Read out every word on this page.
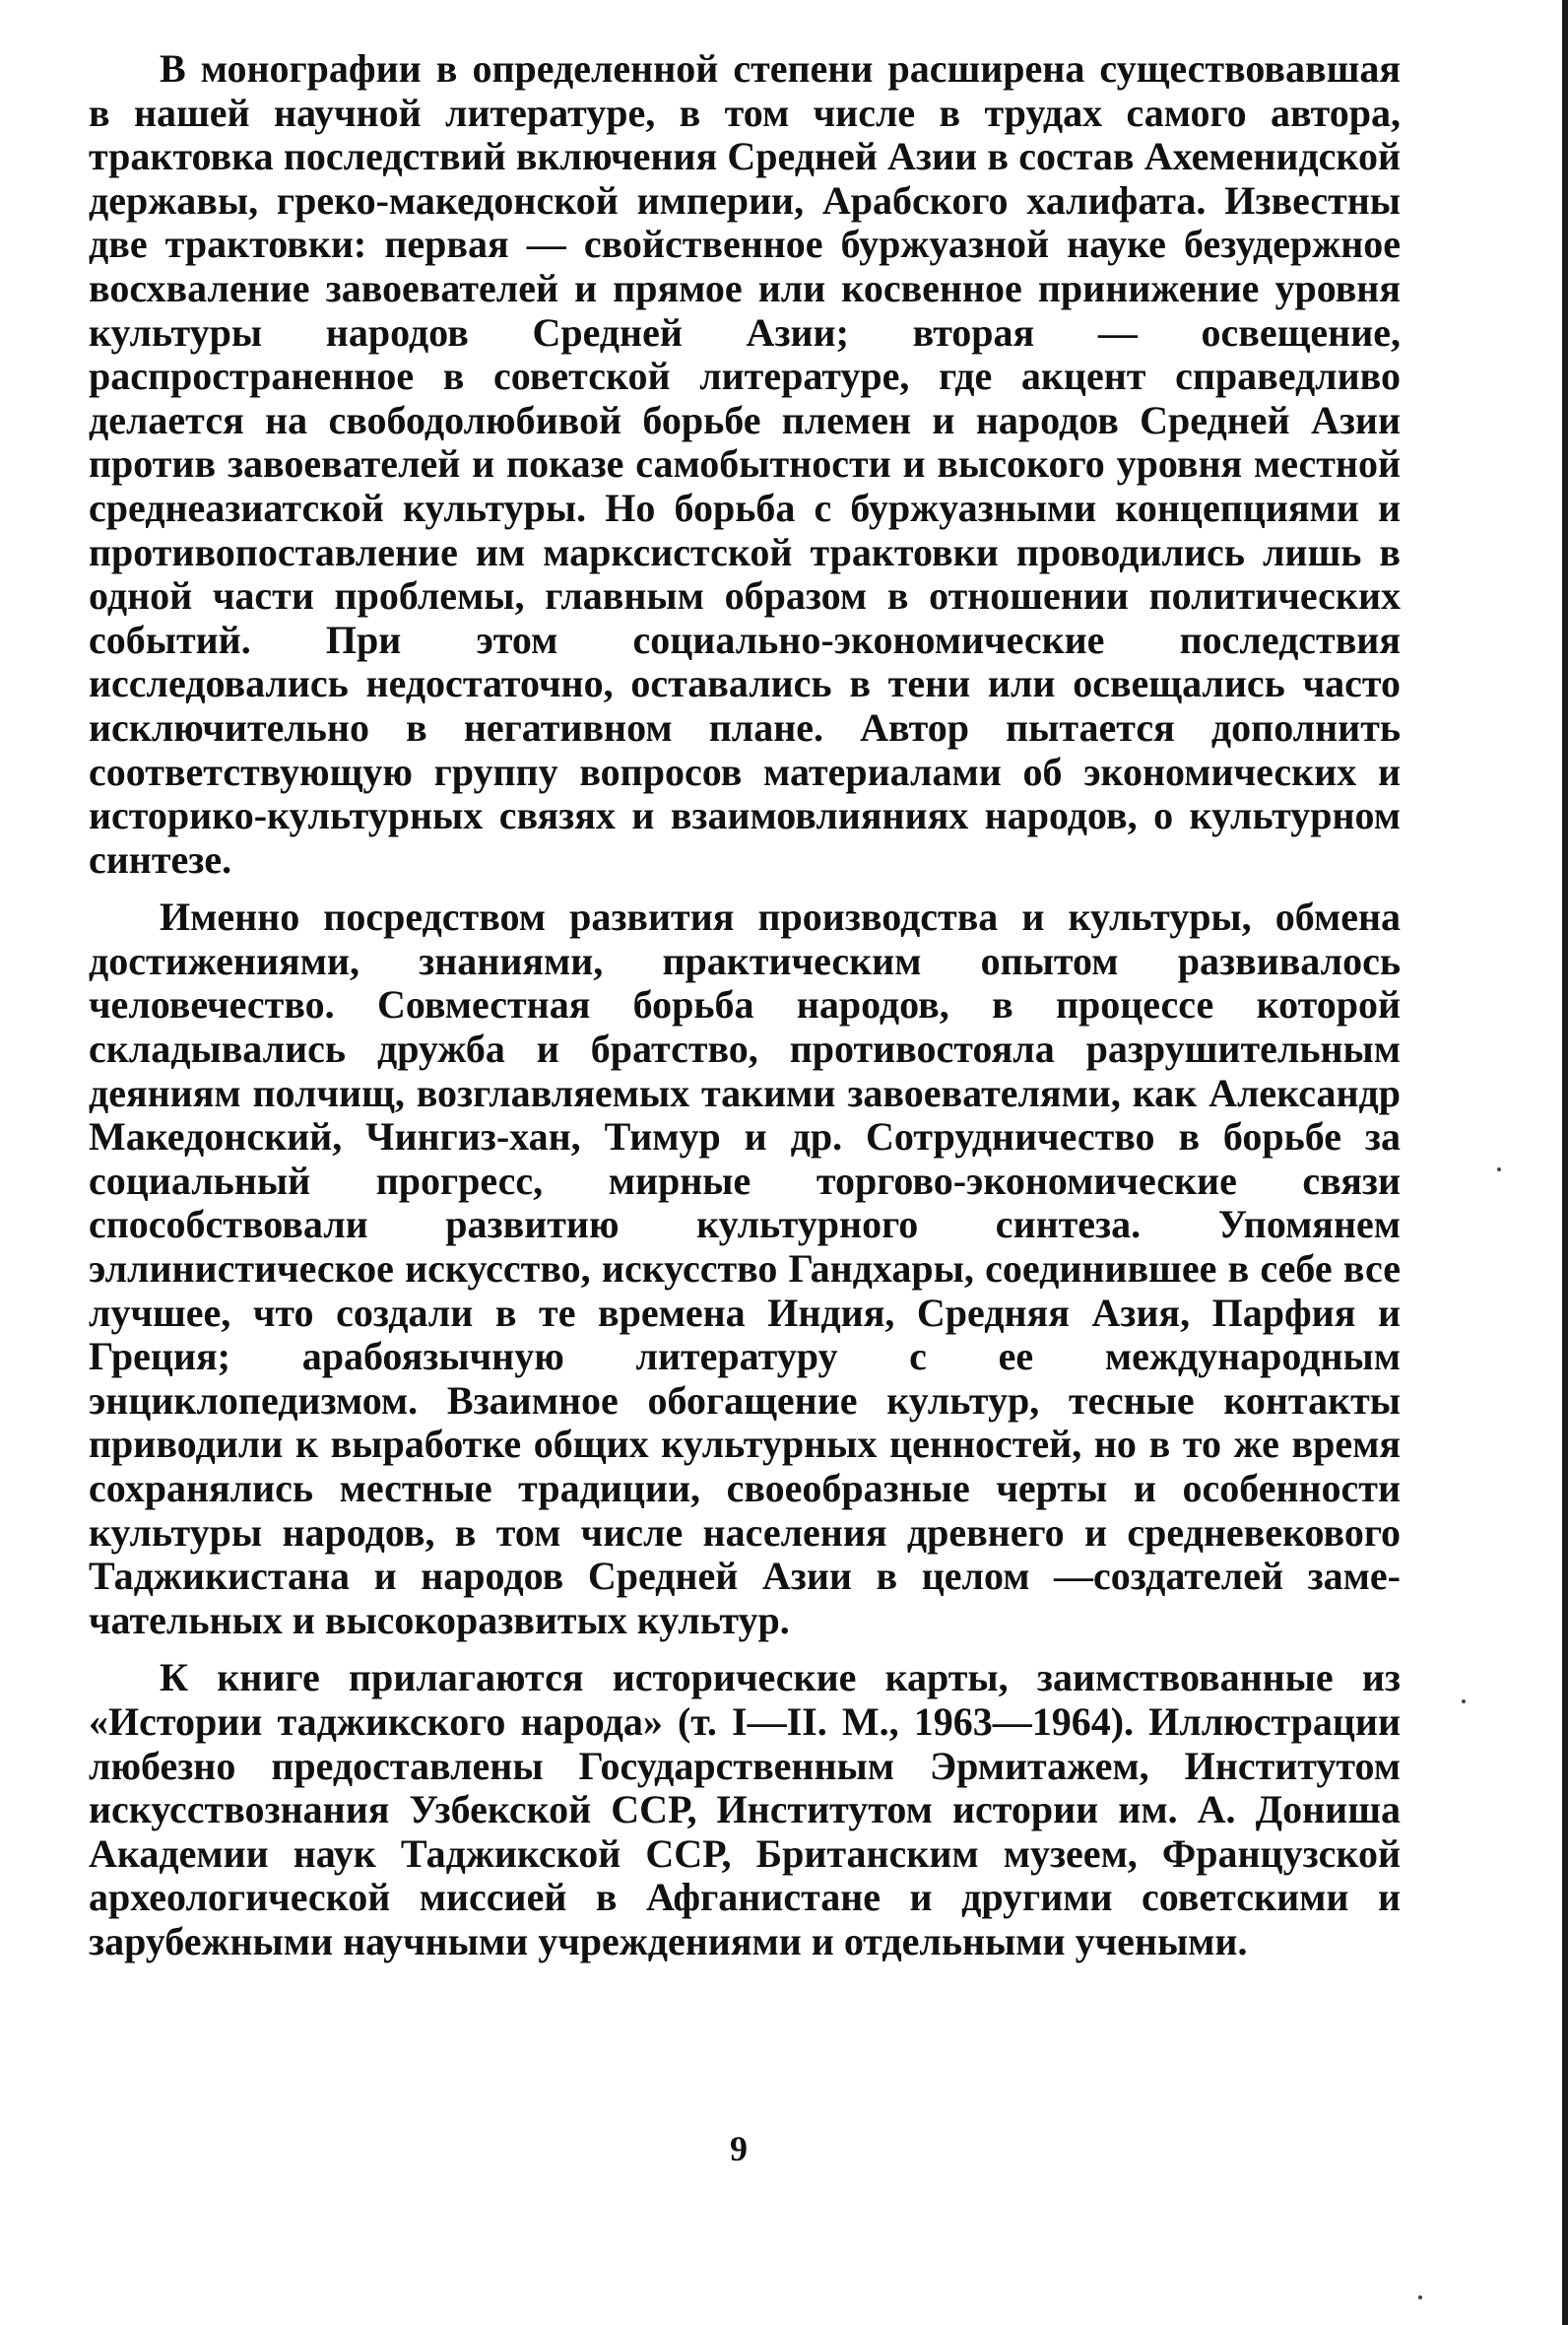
В монографии в определенной степени расширена существовавшая в нашей научной литературе, в том числе в трудах самого автора, трактовка последствий включения Средней Азии в состав Ахеменидской державы, греко-македонской империи, Арабского халифата. Известны две трактовки: первая — свойственное буржуазной науке безудержное восхваление завоевателей и прямое или косвенное принижение уровня культуры народов Средней Азии; вторая — освещение, распространенное в советской литературе, где акцент справедливо делается на свободолюбивой борьбе племен и народов Средней Азии против завоевателей и показе самобытности и высокого уровня местной среднеазиатской культуры. Но борьба с буржуазными концепциями и противопоставление им марксистской трактовки проводились лишь в одной части проблемы, главным образом в отношении политических событий. При этом социально-экономические последствия исследовались недостаточно, оставались в тени или освещались часто исключительно в негативном плане. Автор пытается дополнить соответствующую группу вопросов материалами об экономических и историко-культурных связях и взаимовлияниях народов, о культурном синтезе.

Именно посредством развития производства и культуры, обмена достижениями, знаниями, практическим опытом развивалось человечество. Совместная борьба народов, в процессе которой складывались дружба и братство, противостояла разрушительным деяниям полчищ, возглавляемых такими завоевателями, как Александр Македонский, Чингиз-хан, Тимур и др. Сотрудничество в борьбе за социальный прогресс, мирные торгово-экономические связи способствовали развитию культурного синтеза. Упомянем эллинистическое искусство, искусство Гандхары, соединившее в себе все лучшее, что создали в те времена Индия, Средняя Азия, Парфия и Греция; арабоязычную литературу с ее международным энциклопедизмом. Взаимное обогащение культур, тесные контакты приводили к выработке общих культурных ценностей, но в то же время сохранялись местные традиции, своеобразные черты и особенности культуры народов, в том числе населения древнего и средневекового Таджикистана и народов Средней Азии в целом —создателей замечательных и высокоразвитых культур.

К книге прилагаются исторические карты, заимствованные из «Истории таджикского народа» (т. I—II. М., 1963—1964). Иллюстрации любезно предоставлены Государственным Эрмитажем, Институтом искусствознания Узбекской ССР, Институтом истории им. А. Дониша Академии наук Таджикской ССР, Британским музеем, Французской археологической миссией в Афганистане и другими советскими и зарубежными научными учреждениями и отдельными учеными.

9
